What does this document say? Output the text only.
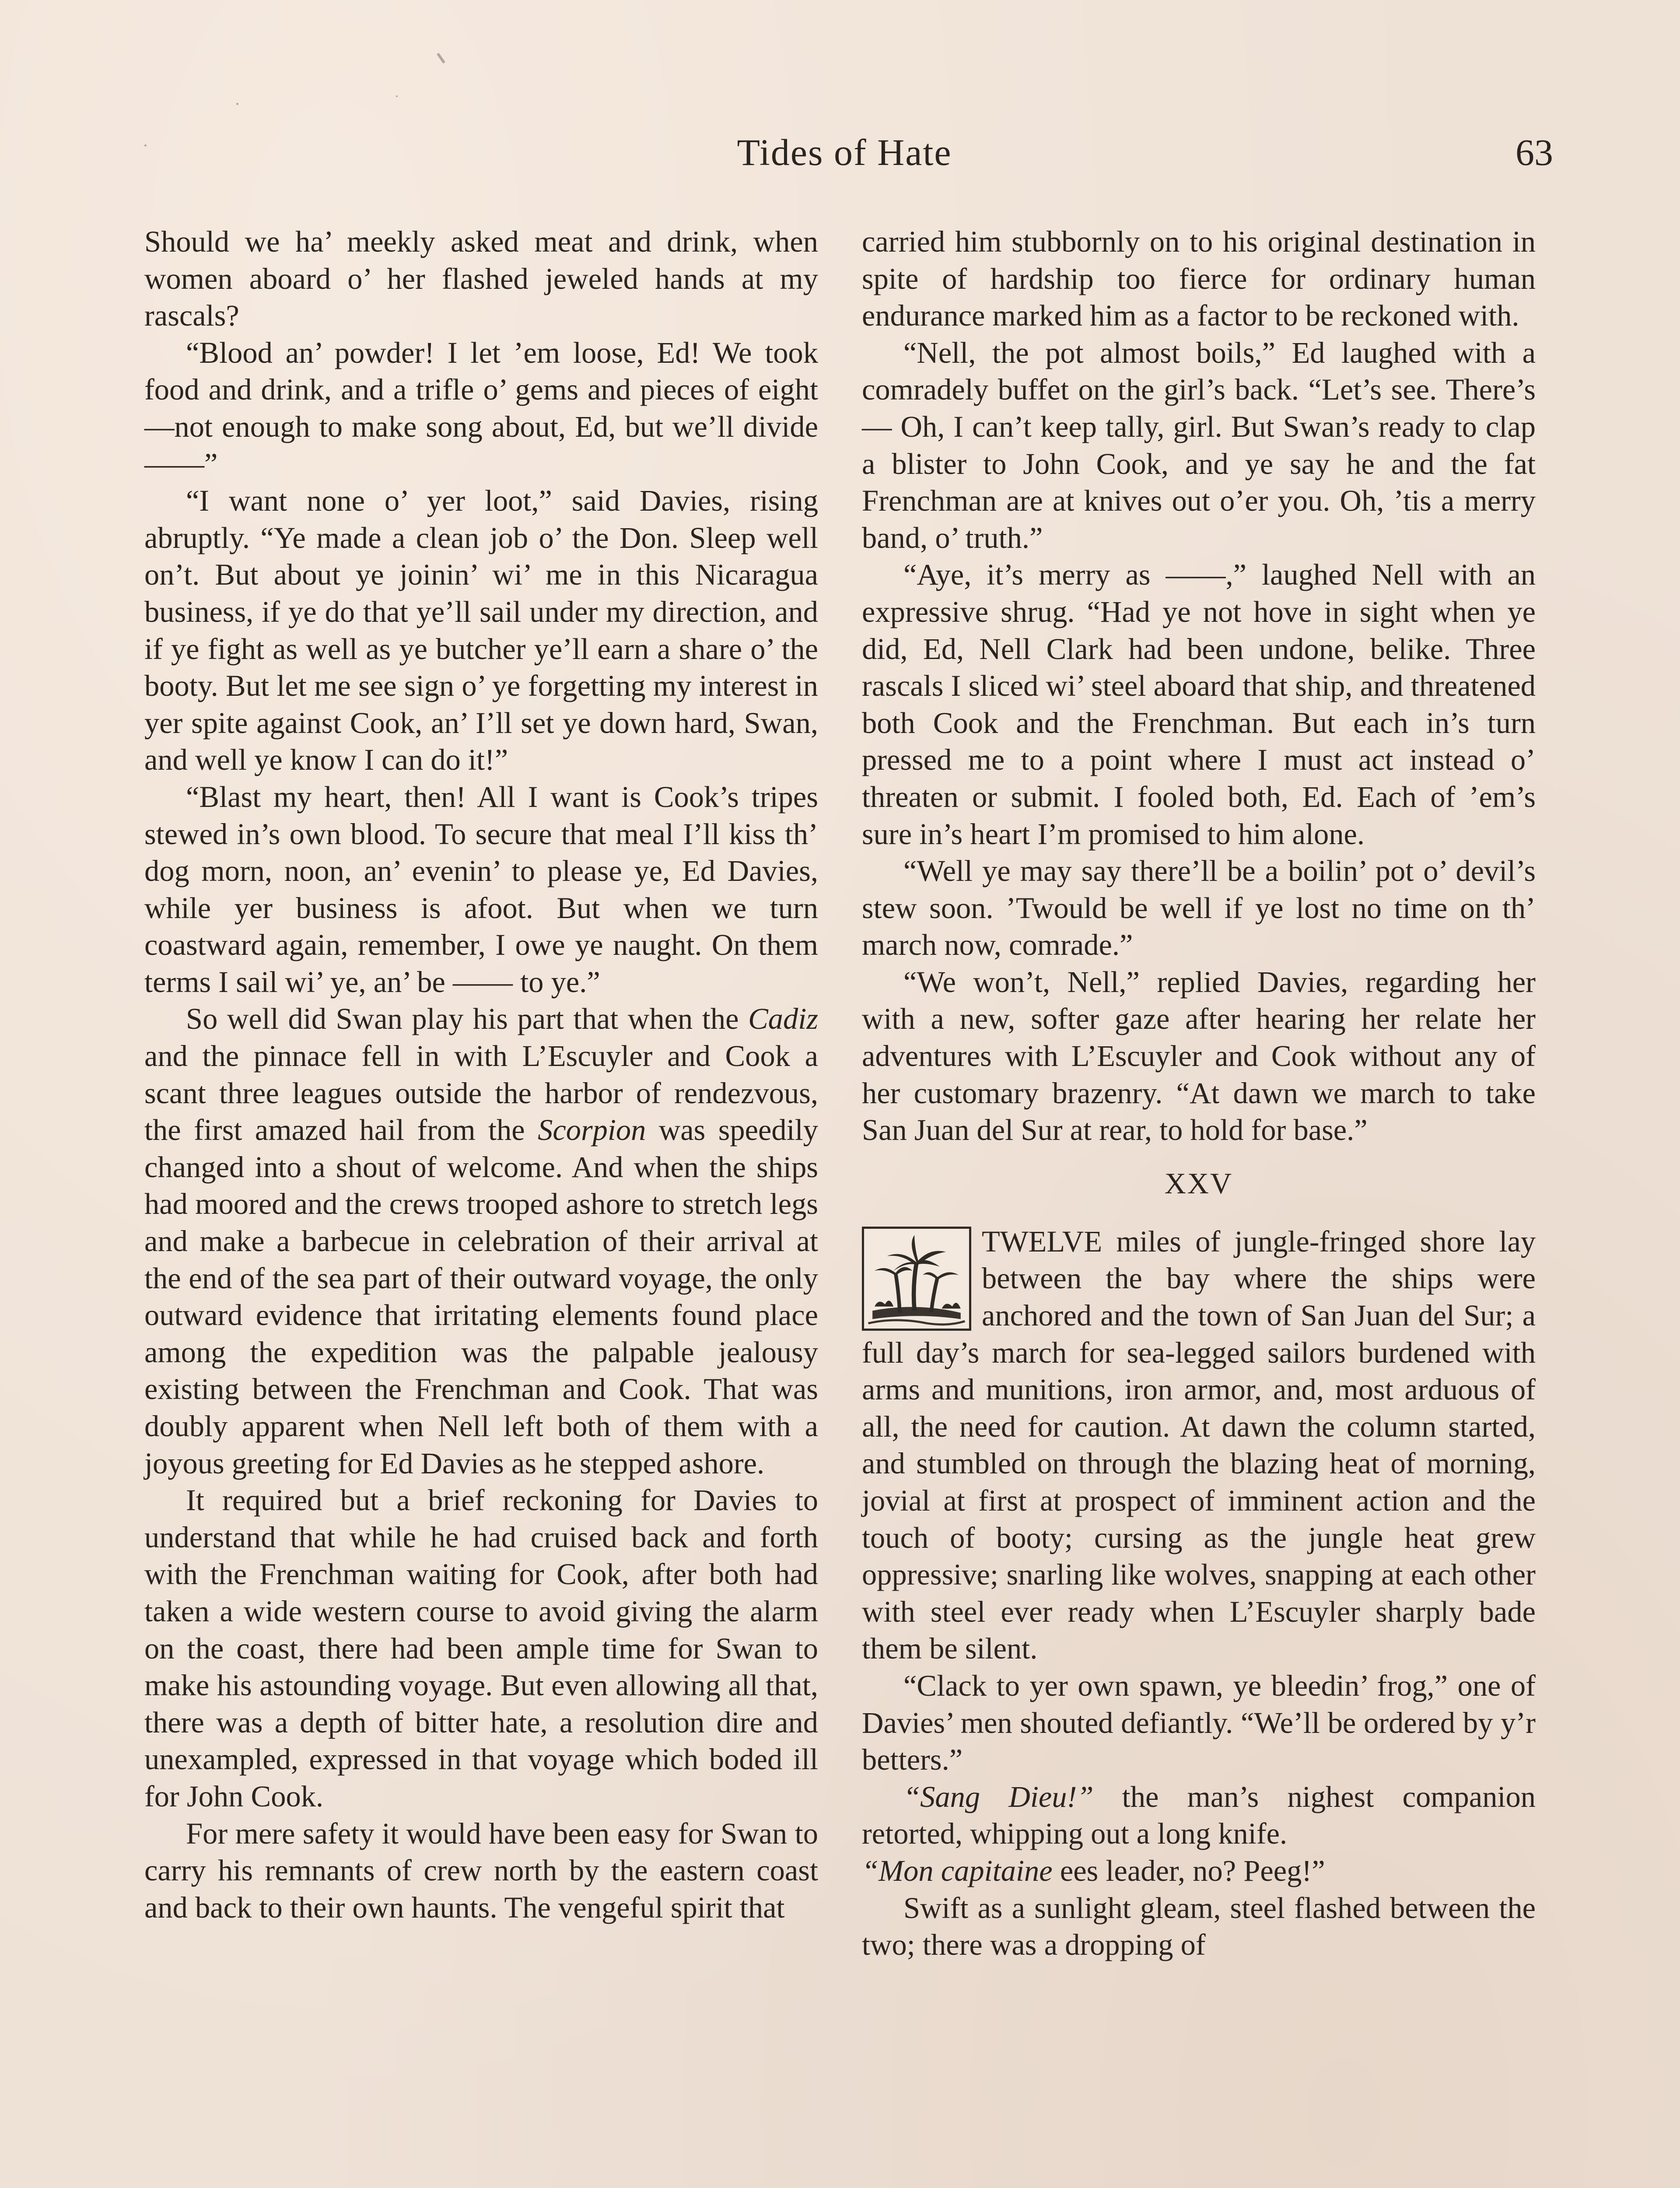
Tides of Hate	63

Should we ha’ meekly asked meat and drink, when women aboard o’ her flashed jeweled hands at my rascals?

“Blood an’ powder! I let ’em loose, Ed! We took food and drink, and a trifle o’ gems and pieces of eight—not enough to make song about, Ed, but we’ll divide——”

“I want none o’ yer loot,” said Davies, rising abruptly. “Ye made a clean job o’ the Don. Sleep well on’t. But about ye joinin’ wi’ me in this Nicaragua business, if ye do that ye’ll sail under my direction, and if ye fight as well as ye butcher ye’ll earn a share o’ the booty. But let me see sign o’ ye forgetting my interest in yer spite against Cook, an’ I’ll set ye down hard, Swan, and well ye know I can do it!”

“Blast my heart, then! All I want is Cook’s tripes stewed in’s own blood. To secure that meal I’ll kiss th’ dog morn, noon, an’ evenin’ to please ye, Ed Davies, while yer business is afoot. But when we turn coastward again, remember, I owe ye naught. On them terms I sail wi’ ye, an’ be —— to ye.”

So well did Swan play his part that when the Cadiz and the pinnace fell in with L’Escuyler and Cook a scant three leagues outside the harbor of rendezvous, the first amazed hail from the Scorpion was speedily changed into a shout of welcome. And when the ships had moored and the crews trooped ashore to stretch legs and make a barbecue in celebration of their arrival at the end of the sea part of their outward voyage, the only outward evidence that irritating elements found place among the expedition was the palpable jealousy existing between the Frenchman and Cook. That was doubly apparent when Nell left both of them with a joyous greeting for Ed Davies as he stepped ashore.

It required but a brief reckoning for Davies to understand that while he had cruised back and forth with the Frenchman waiting for Cook, after both had taken a wide western course to avoid giving the alarm on the coast, there had been ample time for Swan to make his astounding voyage. But even allowing all that, there was a depth of bitter hate, a resolution dire and unexampled, expressed in that voyage which boded ill for John Cook.

For mere safety it would have been easy for Swan to carry his remnants of crew north by the eastern coast and back to their own haunts. The vengeful spirit that

carried him stubbornly on to his original destination in spite of hardship too fierce for ordinary human endurance marked him as a factor to be reckoned with.

“Nell, the pot almost boils,” Ed laughed with a comradely buffet on the girl’s back. “Let’s see. There’s— Oh, I can’t keep tally, girl. But Swan’s ready to clap a blister to John Cook, and ye say he and the fat Frenchman are at knives out o’er you. Oh, ’tis a merry band, o’ truth.”

“Aye, it’s merry as ——,” laughed Nell with an expressive shrug. “Had ye not hove in sight when ye did, Ed, Nell Clark had been undone, belike. Three rascals I sliced wi’ steel aboard that ship, and threatened both Cook and the Frenchman. But each in’s turn pressed me to a point where I must act instead o’ threaten or submit. I fooled both, Ed. Each of ’em’s sure in’s heart I’m promised to him alone.

“Well ye may say there’ll be a boilin’ pot o’ devil’s stew soon. ’Twould be well if ye lost no time on th’ march now, comrade.”

“We won’t, Nell,” replied Davies, regarding her with a new, softer gaze after hearing her relate her adventures with L’Escuyler and Cook without any of her customary brazenry. “At dawn we march to take San Juan del Sur at rear, to hold for base.”

XXV

TWELVE miles of jungle-fringed shore lay between the bay where the ships were anchored and the town of San Juan del Sur; a full day’s march for sea-legged sailors burdened with arms and munitions, iron armor, and, most arduous of all, the need for caution. At dawn the column started, and stumbled on through the blazing heat of morning, jovial at first at prospect of imminent action and the touch of booty; cursing as the jungle heat grew oppressive; snarling like wolves, snapping at each other with steel ever ready when L’Escuyler sharply bade them be silent.

“Clack to yer own spawn, ye bleedin’ frog,” one of Davies’ men shouted defiantly. “We’ll be ordered by y’r betters.”

“Sang Dieu!” the man’s nighest companion retorted, whipping out a long knife.

“Mon capitaine ees leader, no? Peeg!”

Swift as a sunlight gleam, steel flashed between the two; there was a dropping of
